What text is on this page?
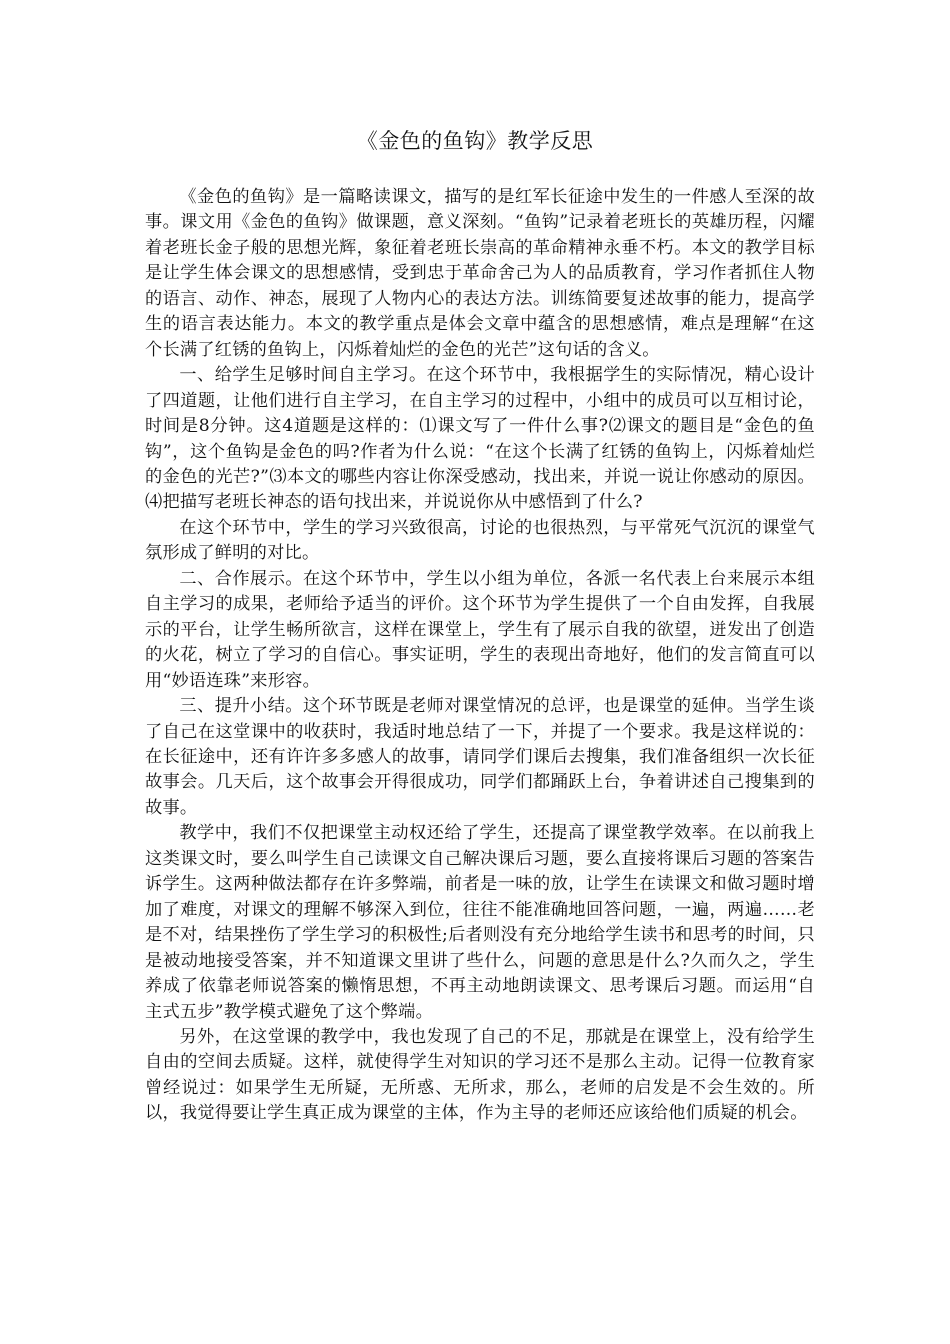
《金色的鱼钩》教学反思

《金色的鱼钩》是一篇略读课文，描写的是红军长征途中发生的一件感人至深的故事。课文用《金色的鱼钩》做课题，意义深刻。“鱼钩”记录着老班长的英雄历程，闪耀着老班长金子般的思想光辉，象征着老班长崇高的革命精神永垂不朽。本文的教学目标是让学生体会课文的思想感情，受到忠于革命舍己为人的品质教育，学习作者抓住人物的语言、动作、神态，展现了人物内心的表达方法。训练简要复述故事的能力，提高学生的语言表达能力。本文的教学重点是体会文章中蕴含的思想感情，难点是理解“在这个长满了红锈的鱼钩上，闪烁着灿烂的金色的光芒”这句话的含义。

一、给学生足够时间自主学习。在这个环节中，我根据学生的实际情况，精心设计了四道题，让他们进行自主学习，在自主学习的过程中，小组中的成员可以互相讨论，时间是8分钟。这4道题是这样的：⑴课文写了一件什么事?⑵课文的题目是“金色的鱼钩”，这个鱼钩是金色的吗?作者为什么说：“在这个长满了红锈的鱼钩上，闪烁着灿烂的金色的光芒?”⑶本文的哪些内容让你深受感动，找出来，并说一说让你感动的原因。⑷把描写老班长神态的语句找出来，并说说你从中感悟到了什么?

在这个环节中，学生的学习兴致很高，讨论的也很热烈，与平常死气沉沉的课堂气氛形成了鲜明的对比。

二、合作展示。在这个环节中，学生以小组为单位，各派一名代表上台来展示本组自主学习的成果，老师给予适当的评价。这个环节为学生提供了一个自由发挥，自我展示的平台，让学生畅所欲言，这样在课堂上，学生有了展示自我的欲望，迸发出了创造的火花，树立了学习的自信心。事实证明，学生的表现出奇地好，他们的发言简直可以用“妙语连珠”来形容。

三、提升小结。这个环节既是老师对课堂情况的总评，也是课堂的延伸。当学生谈了自己在这堂课中的收获时，我适时地总结了一下，并提了一个要求。我是这样说的：在长征途中，还有许许多多感人的故事，请同学们课后去搜集，我们准备组织一次长征故事会。几天后，这个故事会开得很成功，同学们都踊跃上台，争着讲述自己搜集到的故事。

教学中，我们不仅把课堂主动权还给了学生，还提高了课堂教学效率。在以前我上这类课文时，要么叫学生自己读课文自己解决课后习题，要么直接将课后习题的答案告诉学生。这两种做法都存在许多弊端，前者是一味的放，让学生在读课文和做习题时增加了难度，对课文的理解不够深入到位，往往不能准确地回答问题，一遍，两遍……老是不对，结果挫伤了学生学习的积极性;后者则没有充分地给学生读书和思考的时间，只是被动地接受答案，并不知道课文里讲了些什么，问题的意思是什么?久而久之，学生养成了依靠老师说答案的懒惰思想，不再主动地朗读课文、思考课后习题。而运用“自主式五步”教学模式避免了这个弊端。

另外，在这堂课的教学中，我也发现了自己的不足，那就是在课堂上，没有给学生自由的空间去质疑。这样，就使得学生对知识的学习还不是那么主动。记得一位教育家曾经说过：如果学生无所疑，无所惑、无所求，那么，老师的启发是不会生效的。所以，我觉得要让学生真正成为课堂的主体，作为主导的老师还应该给他们质疑的机会。
